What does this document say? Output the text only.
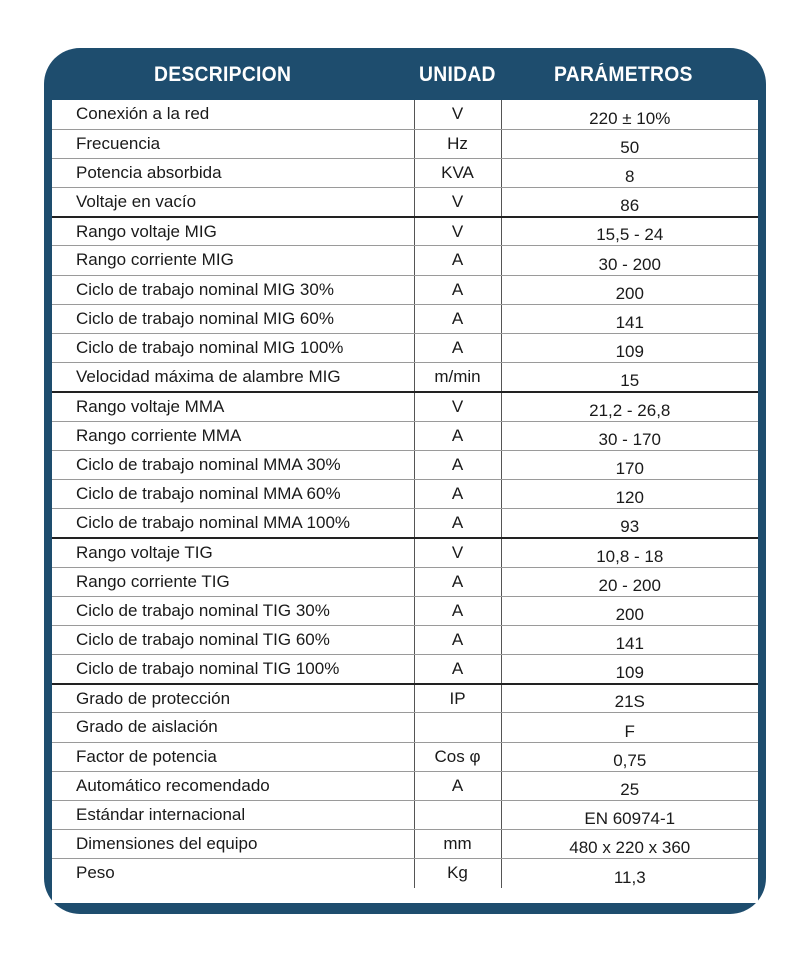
DESCRIPCION	UNIDAD	PARÁMETROS
Conexión a la red	V	220 ± 10%
Frecuencia	Hz	50
Potencia absorbida	KVA	8
Voltaje en vacío	V	86
Rango voltaje MIG	V	15,5 - 24
Rango corriente MIG	A	30 - 200
Ciclo de trabajo nominal MIG 30%	A	200
Ciclo de trabajo nominal MIG 60%	A	141
Ciclo de trabajo nominal MIG 100%	A	109
Velocidad máxima de alambre MIG	m/min	15
Rango voltaje MMA	V	21,2 - 26,8
Rango corriente MMA	A	30 - 170
Ciclo de trabajo nominal MMA 30%	A	170
Ciclo de trabajo nominal MMA 60%	A	120
Ciclo de trabajo nominal MMA 100%	A	93
Rango voltaje TIG	V	10,8 - 18
Rango corriente TIG	A	20 - 200
Ciclo de trabajo nominal TIG 30%	A	200
Ciclo de trabajo nominal TIG 60%	A	141
Ciclo de trabajo nominal TIG 100%	A	109
Grado de protección	IP	21S
Grado de aislación		F
Factor de potencia	Cos φ	0,75
Automático recomendado	A	25
Estándar internacional		EN 60974-1
Dimensiones del equipo	mm	480 x 220 x 360
Peso	Kg	11,3
